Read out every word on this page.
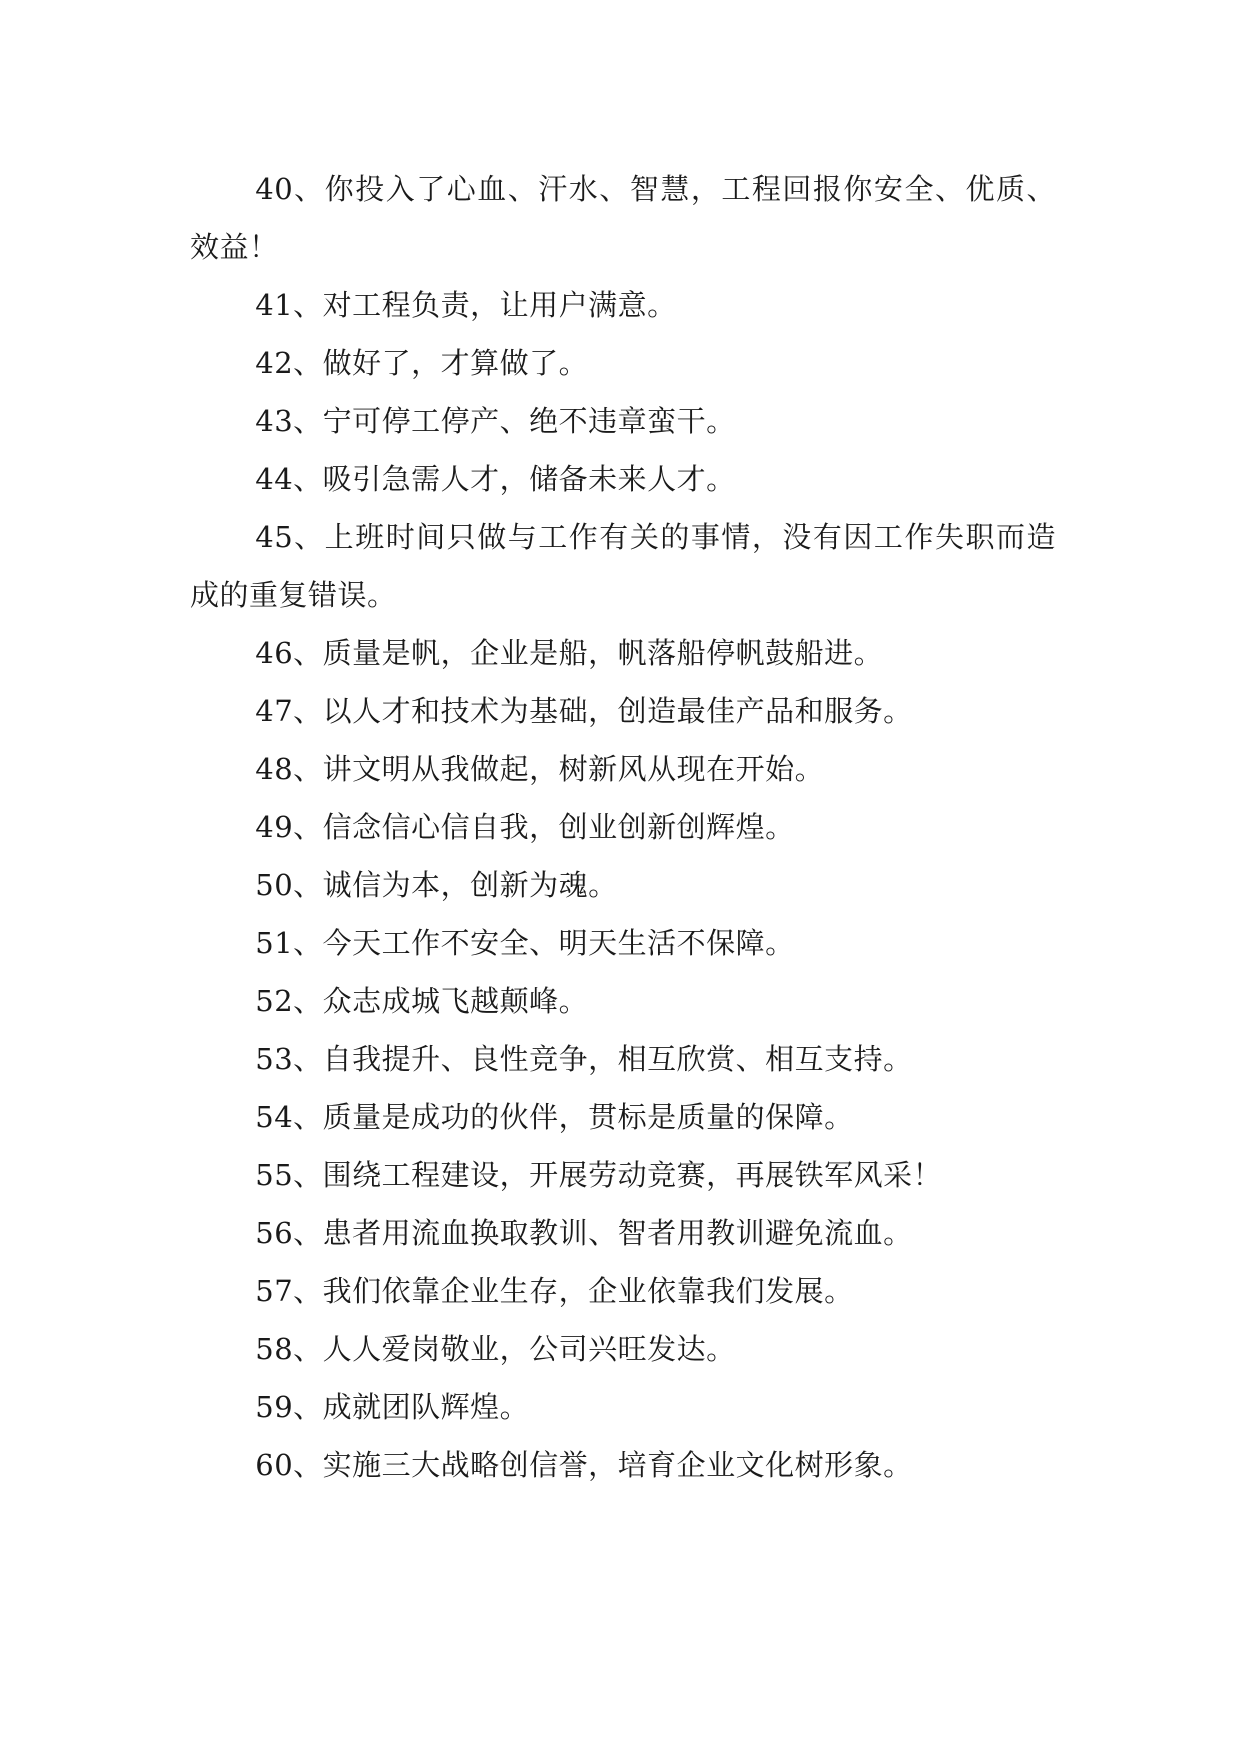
40、你投入了心血、汗水、智慧，工程回报你安全、优质、效益！

41、对工程负责，让用户满意。

42、做好了，才算做了。

43、宁可停工停产、绝不违章蛮干。

44、吸引急需人才，储备未来人才。

45、上班时间只做与工作有关的事情，没有因工作失职而造成的重复错误。

46、质量是帆，企业是船，帆落船停帆鼓船进。

47、以人才和技术为基础，创造最佳产品和服务。

48、讲文明从我做起，树新风从现在开始。

49、信念信心信自我，创业创新创辉煌。

50、诚信为本，创新为魂。

51、今天工作不安全、明天生活不保障。

52、众志成城飞越颠峰。

53、自我提升、良性竞争，相互欣赏、相互支持。

54、质量是成功的伙伴，贯标是质量的保障。

55、围绕工程建设，开展劳动竞赛，再展铁军风采！

56、患者用流血换取教训、智者用教训避免流血。

57、我们依靠企业生存，企业依靠我们发展。

58、人人爱岗敬业，公司兴旺发达。

59、成就团队辉煌。

60、实施三大战略创信誉，培育企业文化树形象。
